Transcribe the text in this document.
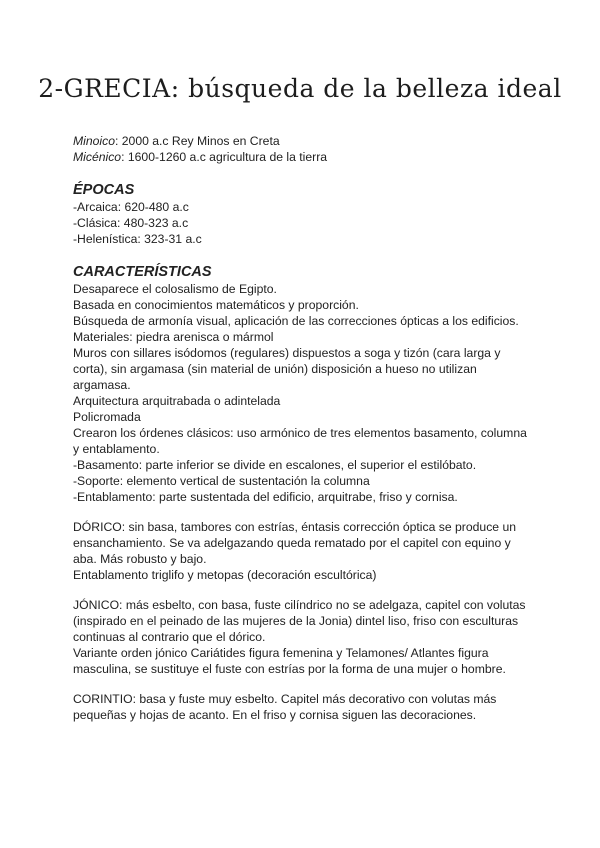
2-GRECIA: búsqueda de la belleza ideal

Minoico: 2000 a.c Rey Minos en Creta

Micénico: 1600-1260 a.c agricultura de la tierra

ÉPOCAS

-Arcaica: 620-480 a.c

-Clásica: 480-323 a.c

-Helenística: 323-31 a.c

CARACTERÍSTICAS

Desaparece el colosalismo de Egipto.

Basada en conocimientos matemáticos y proporción.

Búsqueda de armonía visual, aplicación de las correcciones ópticas a los edificios.

Materiales: piedra arenisca o mármol

Muros con sillares isódomos (regulares) dispuestos a soga y tizón (cara larga y corta), sin argamasa (sin material de unión) disposición a hueso no utilizan argamasa.

Arquitectura arquitrabada o adintelada

Policromada

Crearon los órdenes clásicos: uso armónico de tres elementos basamento, columna y entablamento.

-Basamento: parte inferior se divide en escalones, el superior el estilóbato.

-Soporte: elemento vertical de sustentación la columna

-Entablamento: parte sustentada del edificio, arquitrabe, friso y cornisa.

DÓRICO: sin basa, tambores con estrías, éntasis corrección óptica se produce un ensanchamiento. Se va adelgazando queda rematado por el capitel con equino y aba. Más robusto y bajo.

Entablamento triglifo y metopas (decoración escultórica)

JÓNICO: más esbelto, con basa, fuste cilíndrico no se adelgaza, capitel con volutas (inspirado en el peinado de las mujeres de la Jonia) dintel liso, friso con esculturas continuas al contrario que el dórico.

Variante orden jónico Cariátides figura femenina y Telamones/ Atlantes figura masculina, se sustituye el fuste con estrías por la forma de una mujer o hombre.

CORINTIO: basa y fuste muy esbelto. Capitel más decorativo con volutas más pequeñas y hojas de acanto. En el friso y cornisa siguen las decoraciones.
